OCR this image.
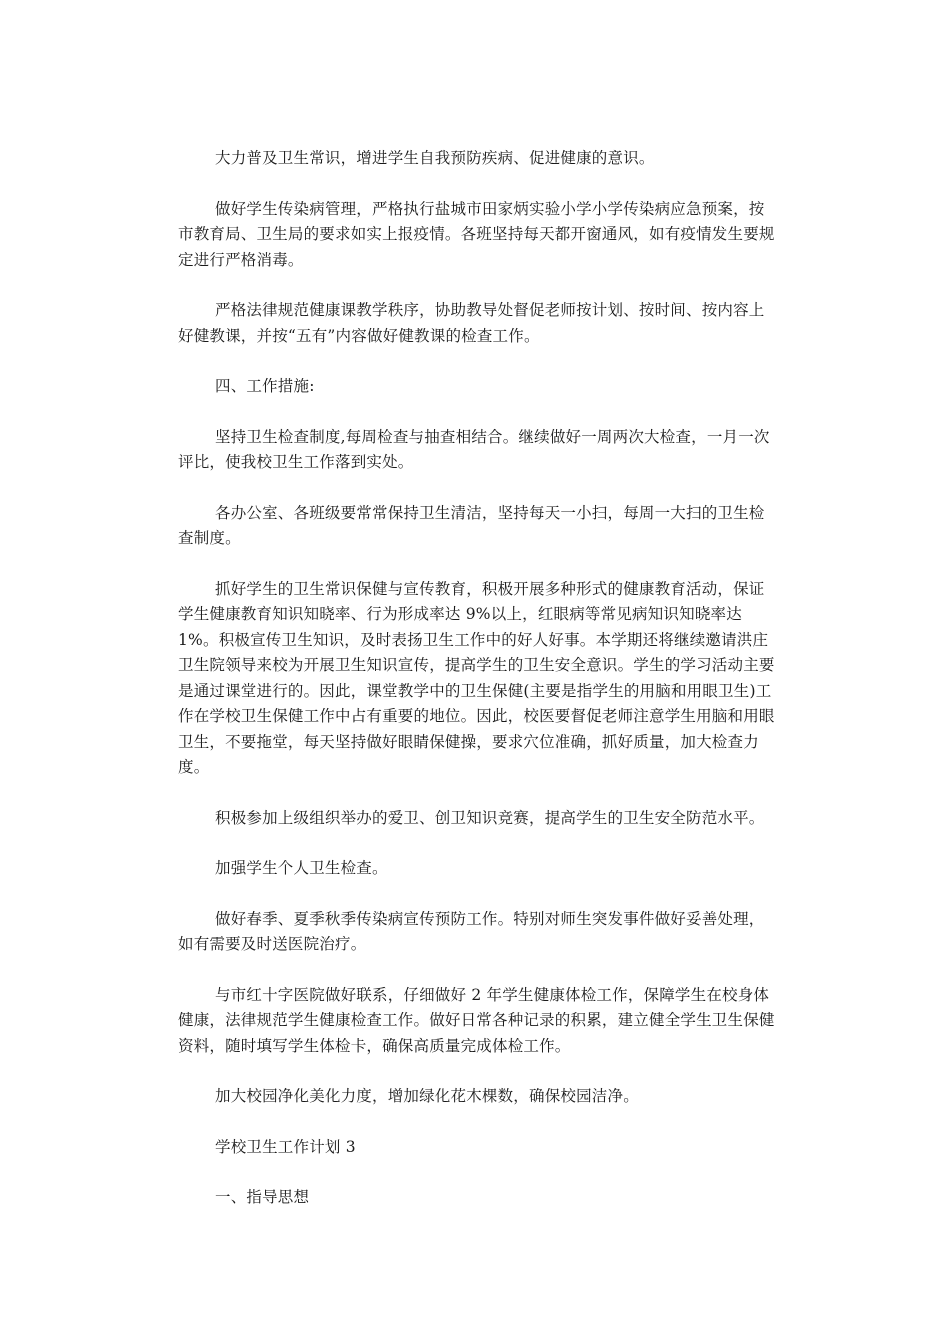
大力普及卫生常识，增进学生自我预防疾病、促进健康的意识。

做好学生传染病管理，严格执行盐城市田家炳实验小学小学传染病应急预案，按市教育局、卫生局的要求如实上报疫情。各班坚持每天都开窗通风，如有疫情发生要规定进行严格消毒。

严格法律规范健康课教学秩序，协助教导处督促老师按计划、按时间、按内容上好健教课，并按“五有”内容做好健教课的检查工作。

四、工作措施:

坚持卫生检查制度,每周检查与抽查相结合。继续做好一周两次大检查，一月一次评比，使我校卫生工作落到实处。

各办公室、各班级要常常保持卫生清洁，坚持每天一小扫，每周一大扫的卫生检查制度。

抓好学生的卫生常识保健与宣传教育，积极开展多种形式的健康教育活动，保证学生健康教育知识知晓率、行为形成率达 9%以上，红眼病等常见病知识知晓率达 1%。积极宣传卫生知识，及时表扬卫生工作中的好人好事。本学期还将继续邀请洪庄卫生院领导来校为开展卫生知识宣传，提高学生的卫生安全意识。学生的学习活动主要是通过课堂进行的。因此，课堂教学中的卫生保健(主要是指学生的用脑和用眼卫生)工作在学校卫生保健工作中占有重要的地位。因此，校医要督促老师注意学生用脑和用眼卫生，不要拖堂，每天坚持做好眼睛保健操，要求穴位准确，抓好质量，加大检查力度。

积极参加上级组织举办的爱卫、创卫知识竞赛，提高学生的卫生安全防范水平。

加强学生个人卫生检查。

做好春季、夏季秋季传染病宣传预防工作。特别对师生突发事件做好妥善处理，如有需要及时送医院治疗。

与市红十字医院做好联系，仔细做好 2 年学生健康体检工作，保障学生在校身体健康，法律规范学生健康检查工作。做好日常各种记录的积累，建立健全学生卫生保健资料，随时填写学生体检卡，确保高质量完成体检工作。

加大校园净化美化力度，增加绿化花木棵数，确保校园洁净。

学校卫生工作计划 3

一、指导思想
